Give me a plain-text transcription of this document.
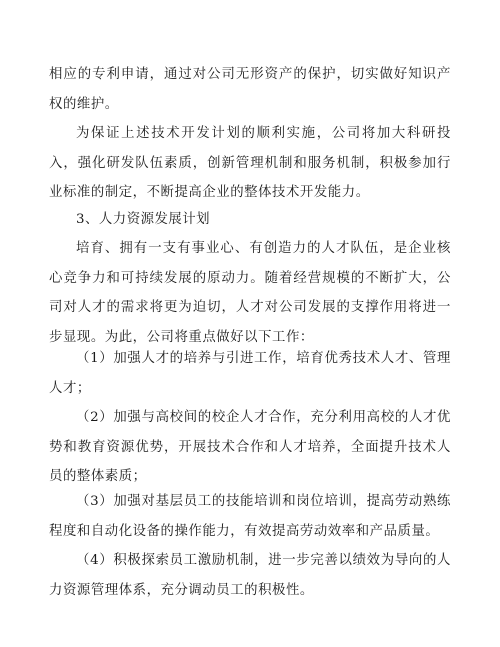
相应的专利申请，通过对公司无形资产的保护，切实做好知识产权的维护。

为保证上述技术开发计划的顺利实施，公司将加大科研投入，强化研发队伍素质，创新管理机制和服务机制，积极参加行业标准的制定，不断提高企业的整体技术开发能力。

3、人力资源发展计划

培育、拥有一支有事业心、有创造力的人才队伍，是企业核心竞争力和可持续发展的原动力。随着经营规模的不断扩大，公司对人才的需求将更为迫切，人才对公司发展的支撑作用将进一步显现。为此，公司将重点做好以下工作：

（1）加强人才的培养与引进工作，培育优秀技术人才、管理人才；

（2）加强与高校间的校企人才合作，充分利用高校的人才优势和教育资源优势，开展技术合作和人才培养，全面提升技术人员的整体素质；

（3）加强对基层员工的技能培训和岗位培训，提高劳动熟练程度和自动化设备的操作能力，有效提高劳动效率和产品质量。

（4）积极探索员工激励机制，进一步完善以绩效为导向的人力资源管理体系，充分调动员工的积极性。
